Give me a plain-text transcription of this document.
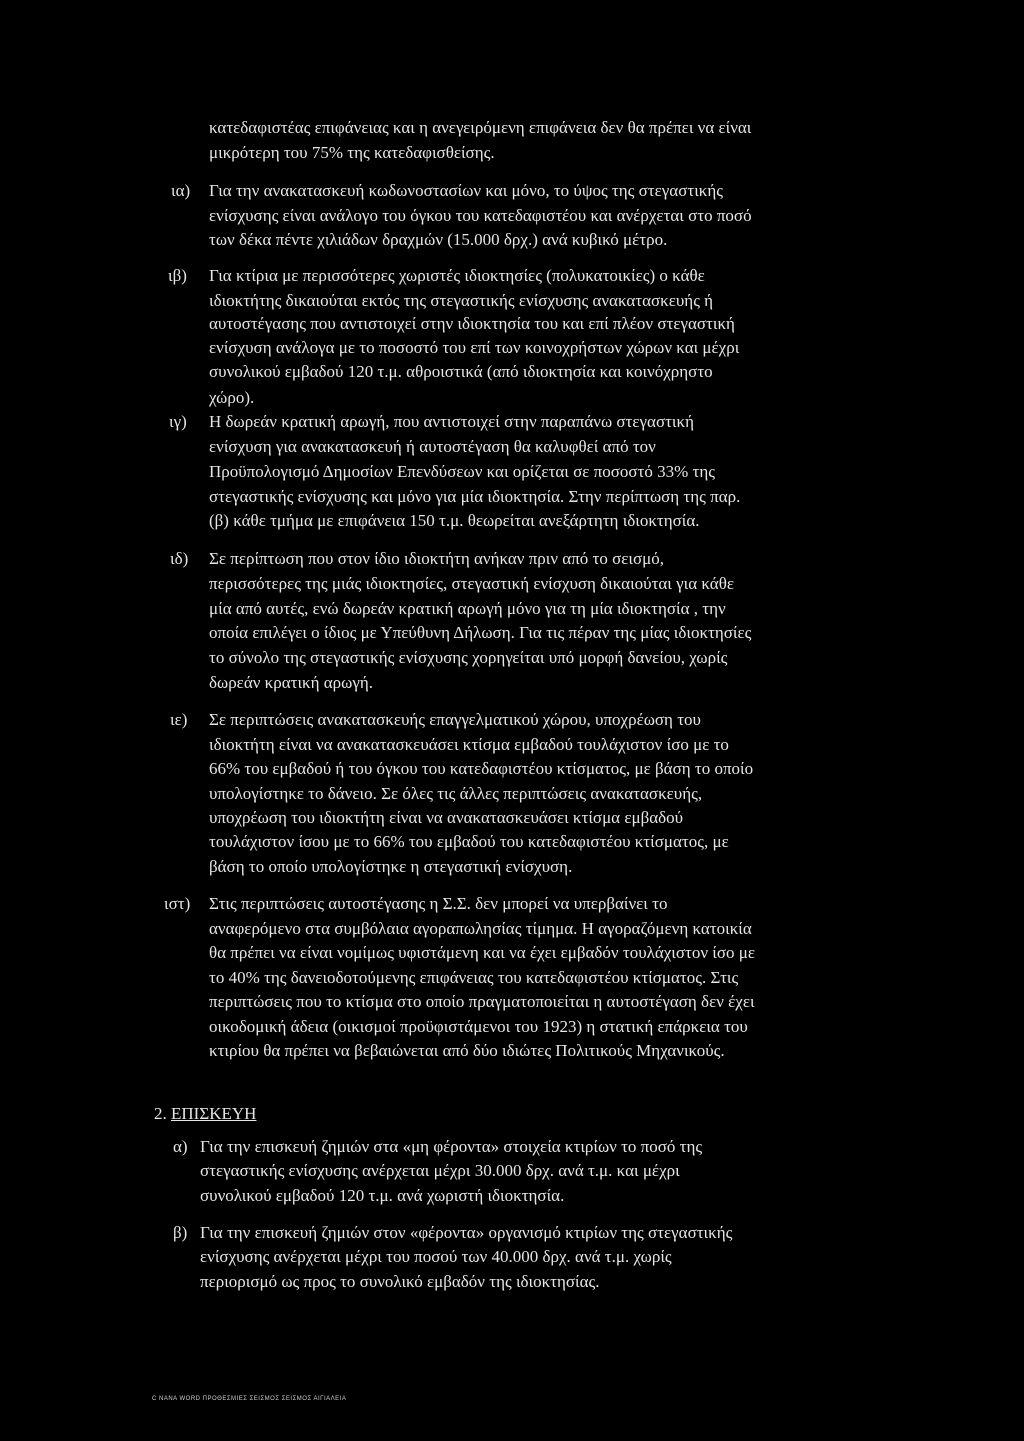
κατεδαφιστέας επιφάνειας και η ανεγειρόμενη επιφάνεια δεν θα πρέπει να είναι
μικρότερη του 75% της κατεδαφισθείσης.
ια) Για την ανακατασκευή κωδωνοστασίων και μόνο, το ύψος της στεγαστικής
ενίσχυσης είναι ανάλογο του όγκου του κατεδαφιστέου και ανέρχεται στο ποσό
των δέκα πέντε χιλιάδων δραχμών (15.000 δρχ.) ανά κυβικό μέτρο.
ιβ) Για κτίρια με περισσότερες χωριστές ιδιοκτησίες (πολυκατοικίες) ο κάθε
ιδιοκτήτης δικαιούται εκτός της στεγαστικής ενίσχυσης ανακατασκευής ή
αυτοστέγασης που αντιστοιχεί στην ιδιοκτησία του και επί πλέον στεγαστική
ενίσχυση ανάλογα με το ποσοστό του επί των κοινοχρήστων χώρων και μέχρι
συνολικού εμβαδού 120 τ.μ. αθροιστικά (από ιδιοκτησία και κοινόχρηστο
χώρο).
ιγ) Η δωρεάν κρατική αρωγή, που αντιστοιχεί στην παραπάνω στεγαστική
ενίσχυση για ανακατασκευή ή αυτοστέγαση θα καλυφθεί από τον
Προϋπολογισμό Δημοσίων Επενδύσεων και ορίζεται σε ποσοστό 33% της
στεγαστικής ενίσχυσης και μόνο για μία ιδιοκτησία. Στην περίπτωση της παρ.
(β) κάθε τμήμα με επιφάνεια 150 τ.μ. θεωρείται ανεξάρτητη ιδιοκτησία.
ιδ) Σε περίπτωση που στον ίδιο ιδιοκτήτη ανήκαν πριν από το σεισμό,
περισσότερες της μιάς ιδιοκτησίες, στεγαστική ενίσχυση δικαιούται για κάθε
μία από αυτές, ενώ δωρεάν κρατική αρωγή μόνο για τη μία ιδιοκτησία , την
οποία επιλέγει ο ίδιος με Υπεύθυνη Δήλωση. Για τις πέραν της μίας ιδιοκτησίες
το σύνολο της στεγαστικής ενίσχυσης χορηγείται υπό μορφή δανείου, χωρίς
δωρεάν κρατική αρωγή.
ιε) Σε περιπτώσεις ανακατασκευής επαγγελματικού χώρου, υποχρέωση του
ιδιοκτήτη είναι να ανακατασκευάσει κτίσμα εμβαδού τουλάχιστον ίσο με το
66% του εμβαδού ή του όγκου του κατεδαφιστέου κτίσματος, με βάση το οποίο
υπολογίστηκε το δάνειο. Σε όλες τις άλλες περιπτώσεις ανακατασκευής,
υποχρέωση του ιδιοκτήτη είναι να ανακατασκευάσει κτίσμα εμβαδού
τουλάχιστον ίσου με το 66% του εμβαδού του κατεδαφιστέου κτίσματος, με
βάση το οποίο υπολογίστηκε η στεγαστική ενίσχυση.
ιστ) Στις περιπτώσεις αυτοστέγασης η Σ.Σ. δεν μπορεί να υπερβαίνει το
αναφερόμενο στα συμβόλαια αγοραπωλησίας τίμημα. Η αγοραζόμενη κατοικία
θα πρέπει να είναι νομίμως υφιστάμενη και να έχει εμβαδόν τουλάχιστον ίσο με
το 40% της δανειοδοτούμενης επιφάνειας του κατεδαφιστέου κτίσματος. Στις
περιπτώσεις που το κτίσμα στο οποίο πραγματοποιείται η αυτοστέγαση δεν έχει
οικοδομική άδεια (οικισμοί προϋφιστάμενοι του 1923) η στατική επάρκεια του
κτιρίου θα πρέπει να βεβαιώνεται από δύο ιδιώτες Πολιτικούς Μηχανικούς.
2. ΕΠΙΣΚΕΥΗ
α) Για την επισκευή ζημιών στα «μη φέροντα» στοιχεία κτιρίων το ποσό της
στεγαστικής ενίσχυσης ανέρχεται μέχρι 30.000 δρχ. ανά τ.μ. και μέχρι
συνολικού εμβαδού 120 τ.μ. ανά χωριστή ιδιοκτησία.
β) Για την επισκευή ζημιών στον «φέροντα» οργανισμό κτιρίων της στεγαστικής
ενίσχυσης ανέρχεται μέχρι του ποσού των 40.000 δρχ. ανά τ.μ. χωρίς
περιορισμό ως προς το συνολικό εμβαδόν της ιδιοκτησίας.
C NANA WORD ΠΡΟΘΕΣΜΙΕΣ ΣΕΙΣΜΟΣ ΣΕΙΣΜΟΣ ΑΙΓΙΑΛΕΙΑ
